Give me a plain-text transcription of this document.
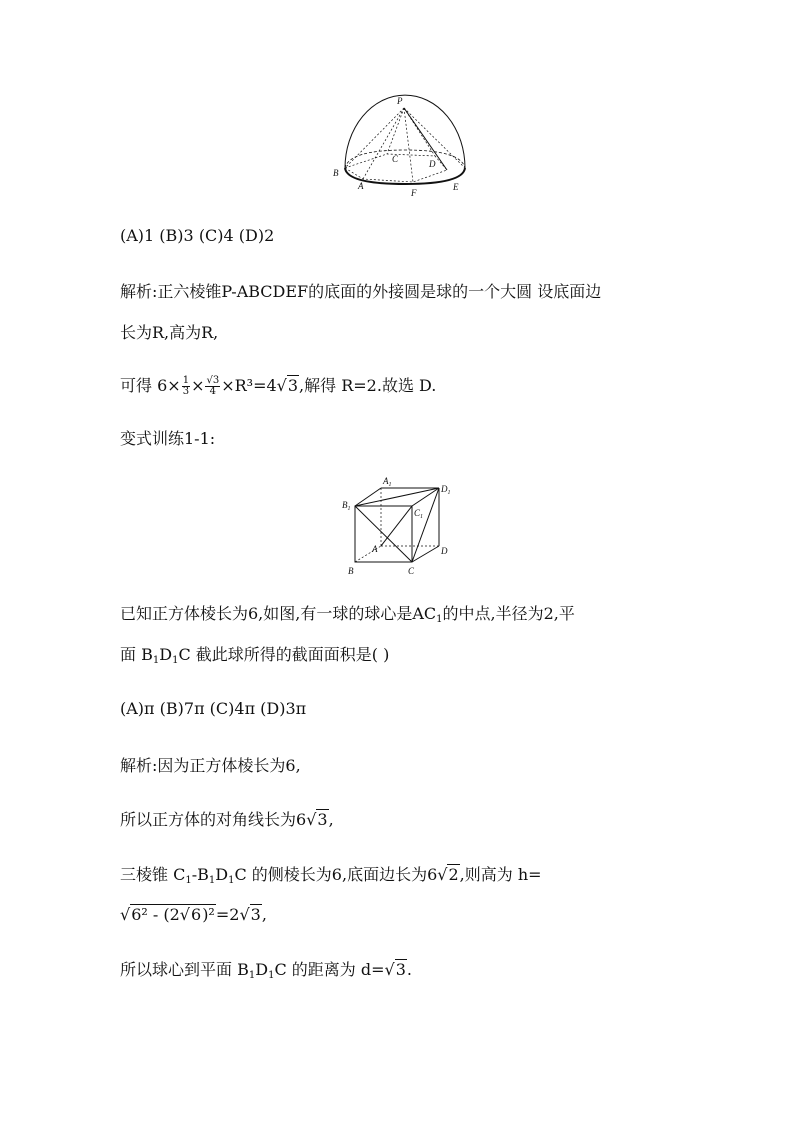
P
B
C	D
A
F
E
(A)1 (B)3 (C)4 (D)2
解析:正六棱锥P-ABCDEF的底面的外接圆是球的一个大圆 设底面边
长为R,高为R,
可得 $6\times \frac{1}{3} \times \frac{√3}{4} \times R^3=4√3$,解得 R=2.故选 D.
变式训练1-1:
$A_1$	$D_1$
$B_1$	$C_1$
A	D
B	C
已知正方体棱长为6,如图,有一球的球心是$AC_1$的中点,半径为2,平
面 $B_1D_1C$ 截此球所得的截面面积是( )
(A)π (B)7π (C)4π (D)3π
解析:因为正方体棱长为6,
所以正方体的对角线长为6√3,
三棱锥 $C_1-B_1D_1C$ 的侧棱长为6,底面边长为6√2,则高为 h=
√6² - (2√6)²=2√3,
所以球心到平面 $B_1D_1C$ 的距离为 d=√3.
